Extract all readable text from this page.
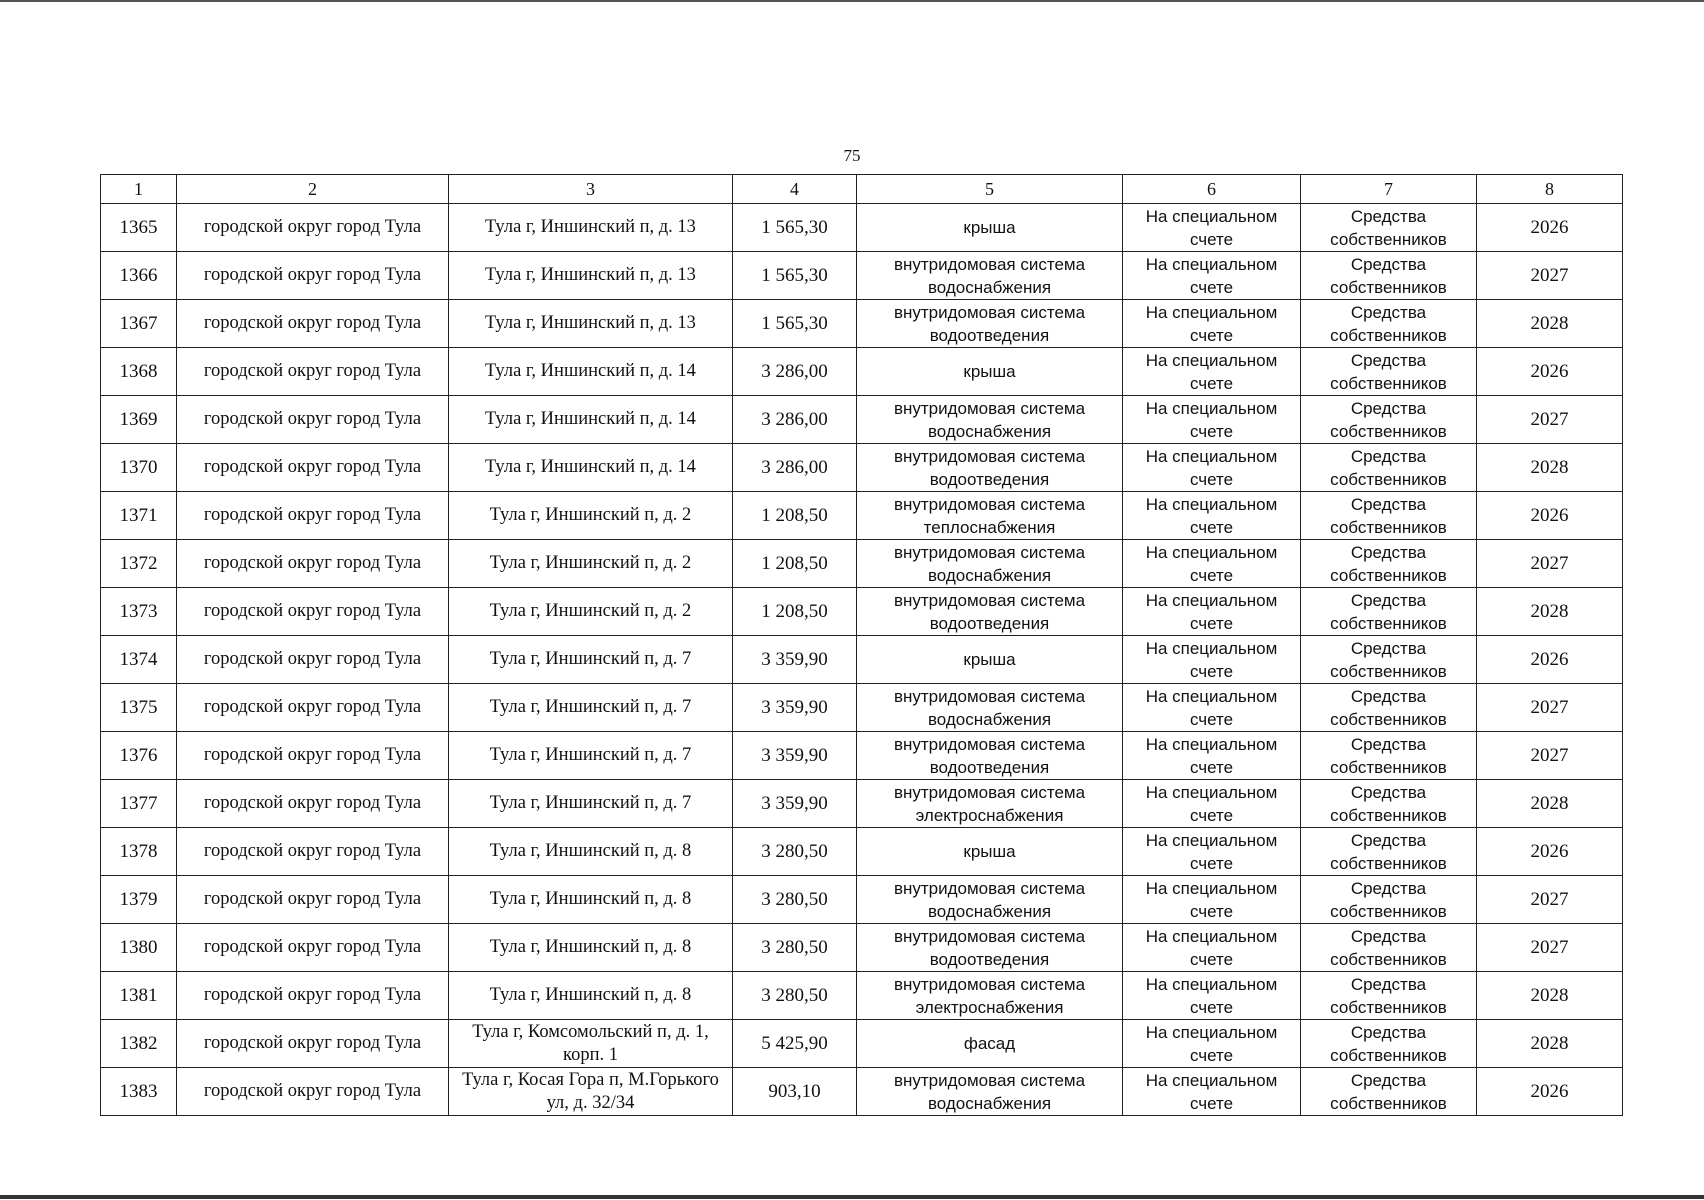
75
1	2	3	4	5	6	7	8
1365	городской округ город Тула	Тула г, Иншинский п, д. 13	1 565,30	крыша	На специальном счете	Средства собственников	2026
1366	городской округ город Тула	Тула г, Иншинский п, д. 13	1 565,30	внутридомовая система водоснабжения	На специальном счете	Средства собственников	2027
1367	городской округ город Тула	Тула г, Иншинский п, д. 13	1 565,30	внутридомовая система водоотведения	На специальном счете	Средства собственников	2028
1368	городской округ город Тула	Тула г, Иншинский п, д. 14	3 286,00	крыша	На специальном счете	Средства собственников	2026
1369	городской округ город Тула	Тула г, Иншинский п, д. 14	3 286,00	внутридомовая система водоснабжения	На специальном счете	Средства собственников	2027
1370	городской округ город Тула	Тула г, Иншинский п, д. 14	3 286,00	внутридомовая система водоотведения	На специальном счете	Средства собственников	2028
1371	городской округ город Тула	Тула г, Иншинский п, д. 2	1 208,50	внутридомовая система теплоснабжения	На специальном счете	Средства собственников	2026
1372	городской округ город Тула	Тула г, Иншинский п, д. 2	1 208,50	внутридомовая система водоснабжения	На специальном счете	Средства собственников	2027
1373	городской округ город Тула	Тула г, Иншинский п, д. 2	1 208,50	внутридомовая система водоотведения	На специальном счете	Средства собственников	2028
1374	городской округ город Тула	Тула г, Иншинский п, д. 7	3 359,90	крыша	На специальном счете	Средства собственников	2026
1375	городской округ город Тула	Тула г, Иншинский п, д. 7	3 359,90	внутридомовая система водоснабжения	На специальном счете	Средства собственников	2027
1376	городской округ город Тула	Тула г, Иншинский п, д. 7	3 359,90	внутридомовая система водоотведения	На специальном счете	Средства собственников	2027
1377	городской округ город Тула	Тула г, Иншинский п, д. 7	3 359,90	внутридомовая система электроснабжения	На специальном счете	Средства собственников	2028
1378	городской округ город Тула	Тула г, Иншинский п, д. 8	3 280,50	крыша	На специальном счете	Средства собственников	2026
1379	городской округ город Тула	Тула г, Иншинский п, д. 8	3 280,50	внутридомовая система водоснабжения	На специальном счете	Средства собственников	2027
1380	городской округ город Тула	Тула г, Иншинский п, д. 8	3 280,50	внутридомовая система водоотведения	На специальном счете	Средства собственников	2027
1381	городской округ город Тула	Тула г, Иншинский п, д. 8	3 280,50	внутридомовая система электроснабжения	На специальном счете	Средства собственников	2028
1382	городской округ город Тула	Тула г, Комсомольский п, д. 1, корп. 1	5 425,90	фасад	На специальном счете	Средства собственников	2028
1383	городской округ город Тула	Тула г, Косая Гора п, М.Горького ул, д. 32/34	903,10	внутридомовая система водоснабжения	На специальном счете	Средства собственников	2026
